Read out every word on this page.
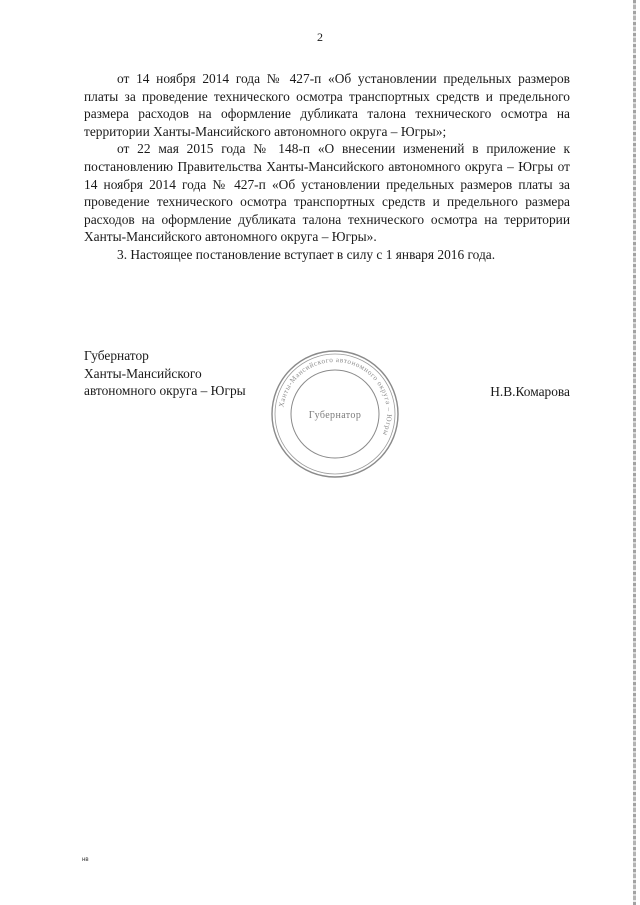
2

от 14 ноября 2014 года № 427-п «Об установлении предельных размеров платы за проведение технического осмотра транспортных средств и предельного размера расходов на оформление дубликата талона технического осмотра на территории Ханты-Мансийского автономного округа – Югры»;

от 22 мая 2015 года № 148-п «О внесении изменений в приложение к постановлению Правительства Ханты-Мансийского автономного округа – Югры от 14 ноября 2014 года № 427-п «Об установлении предельных размеров платы за проведение технического осмотра транспортных средств и предельного размера расходов на оформление дубликата талона технического осмотра на территории Ханты-Мансийского автономного округа – Югры».

3. Настоящее постановление вступает в силу с 1 января 2016 года.

Губернатор
Ханты-Мансийского
автономного округа – Югры
Ханты-Мансийского автономного округа – Югры
Губернатор
Н.В.Комарова
нв
